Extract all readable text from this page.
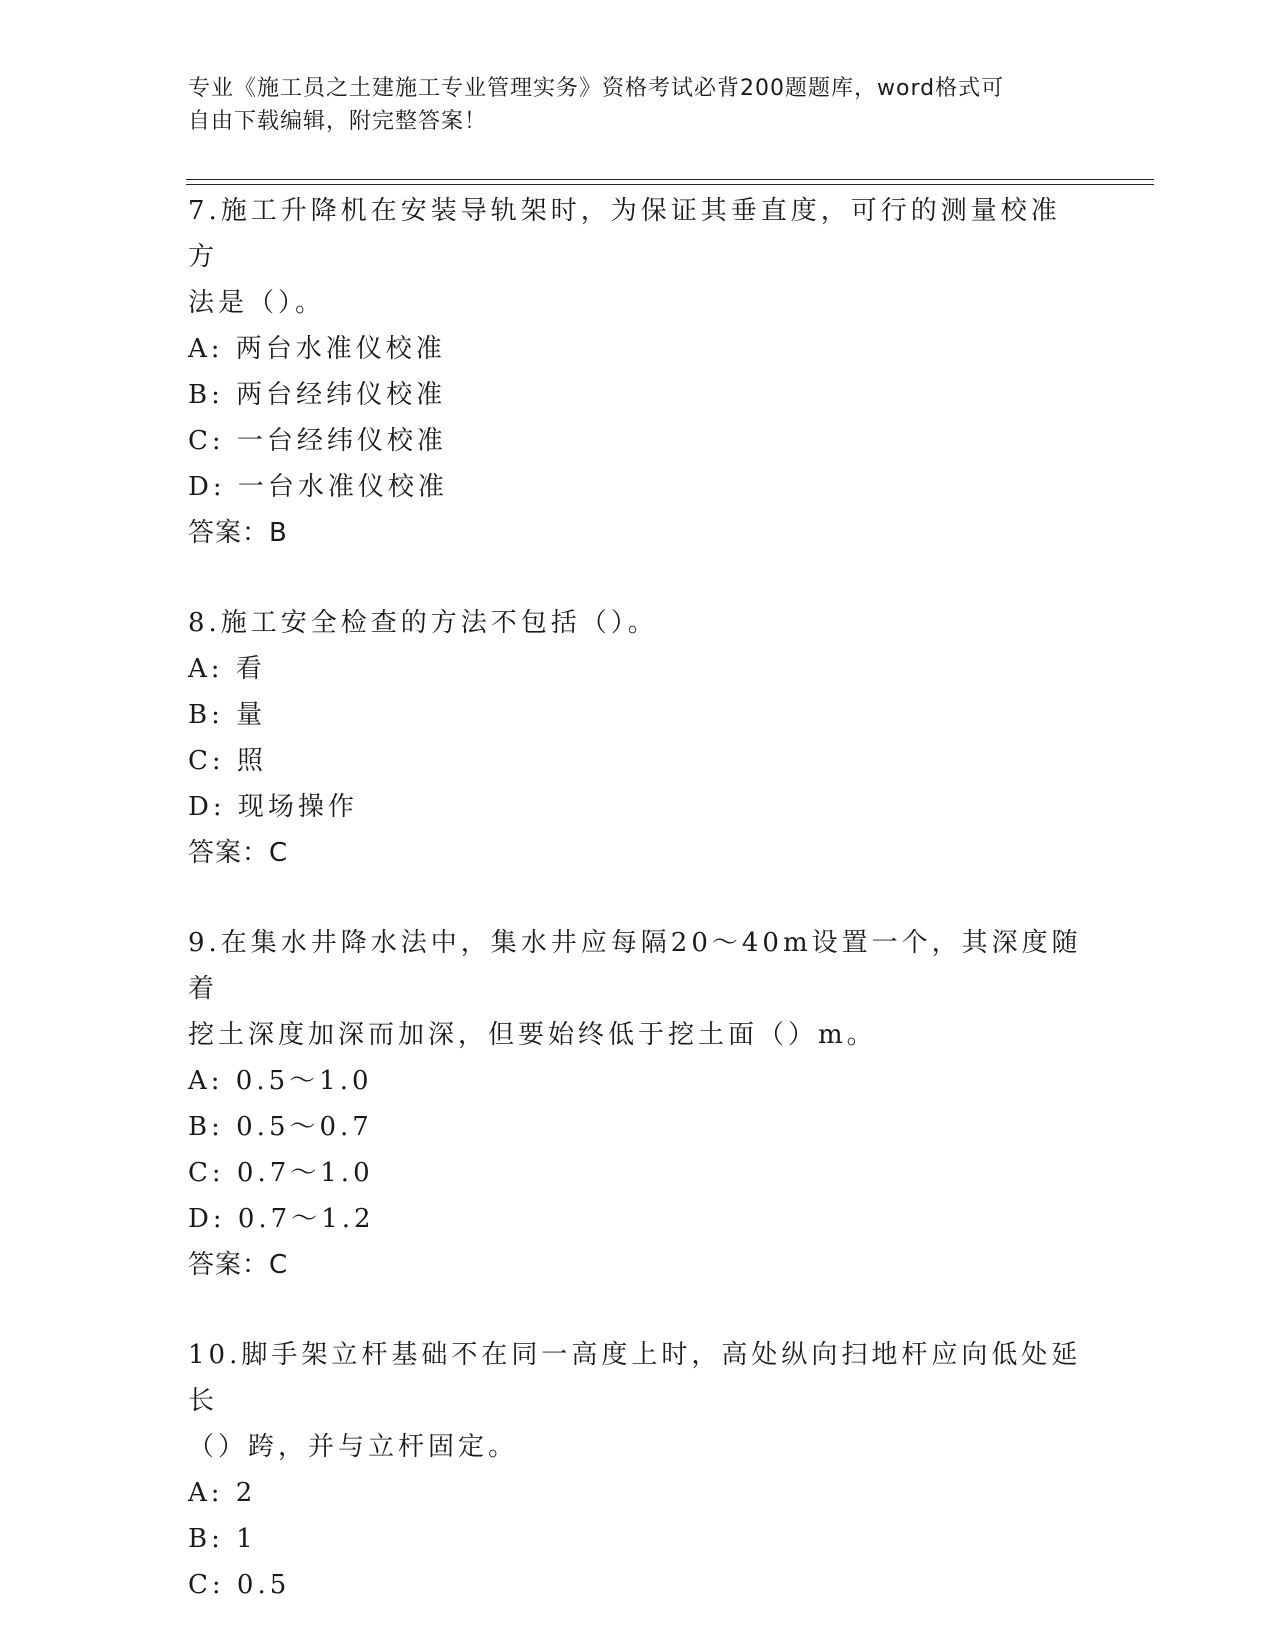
专业《施工员之土建施工专业管理实务》资格考试必背200题题库，word格式可
自由下载编辑，附完整答案！
7.施工升降机在安装导轨架时，为保证其垂直度，可行的测量校准方
法是（）。
A: 两台水准仪校准
B: 两台经纬仪校准
C: 一台经纬仪校准
D: 一台水准仪校准
答案：B
8.施工安全检查的方法不包括（）。
A: 看
B: 量
C: 照
D: 现场操作
答案：C
9.在集水井降水法中，集水井应每隔20～40m设置一个，其深度随着
挖土深度加深而加深，但要始终低于挖土面（）m。
A: 0.5～1.0
B: 0.5～0.7
C: 0.7～1.0
D: 0.7～1.2
答案：C
10.脚手架立杆基础不在同一高度上时，高处纵向扫地杆应向低处延长
（）跨，并与立杆固定。
A: 2
B: 1
C: 0.5
